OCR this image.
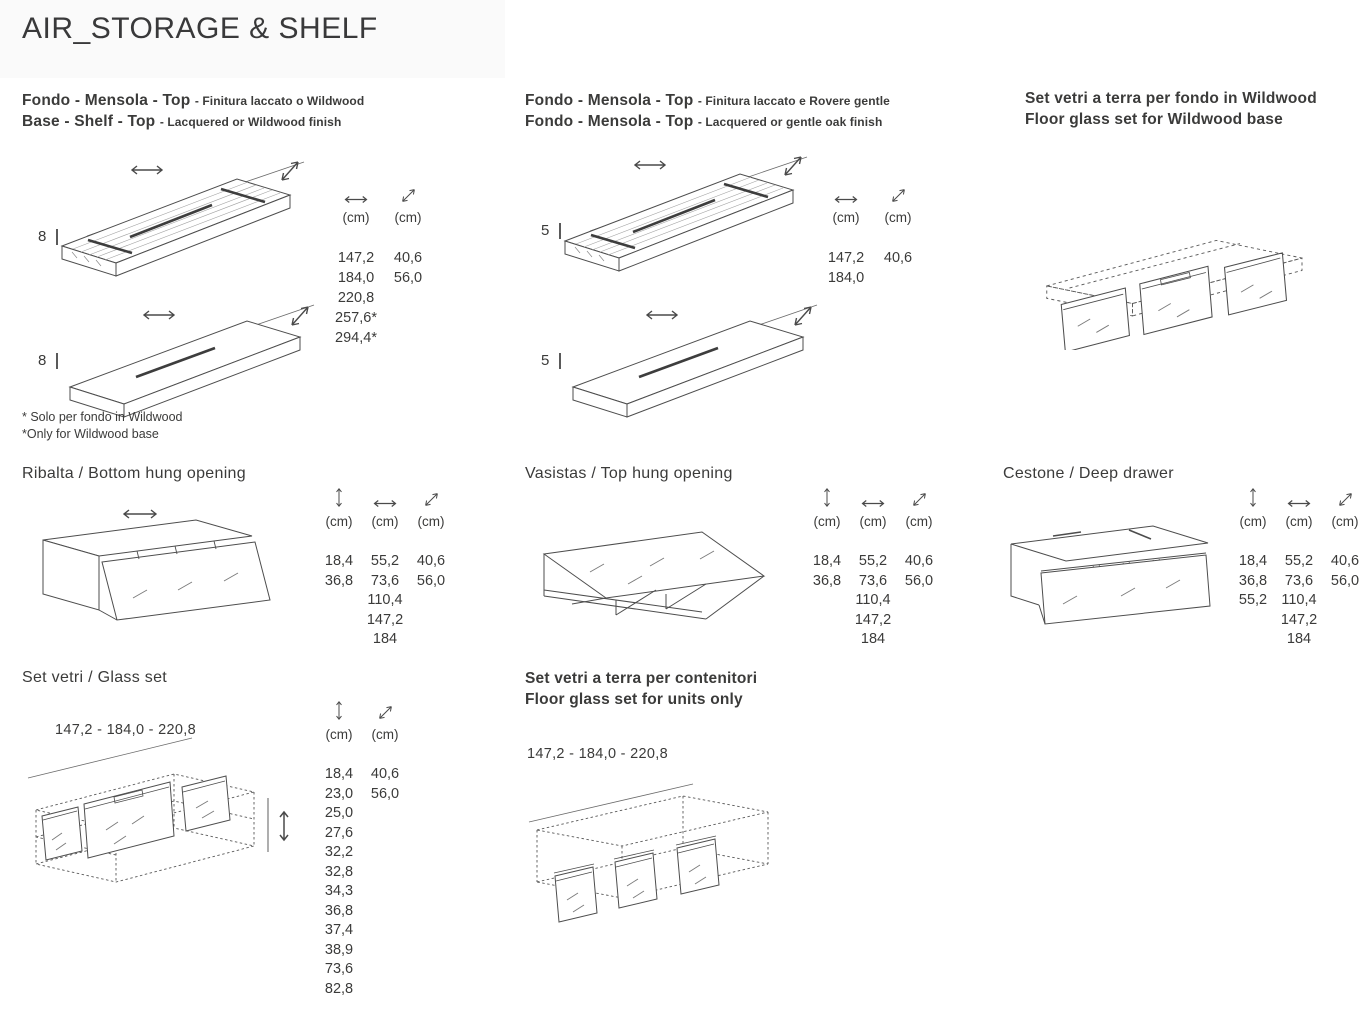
AIR_STORAGE & SHELF
Fondo - Mensola - Top - Finitura laccato o Wildwood
Base - Shelf - Top - Lacquered or Wildwood finish
8
8
(cm)
147,2
184,0
220,8
257,6*
294,4*
(cm)
40,6
56,0
* Solo per fondo in Wildwood
*Only for Wildwood base
Fondo - Mensola - Top - Finitura laccato e Rovere gentle
Fondo - Mensola - Top - Lacquered or gentle oak finish
5
5
(cm)
147,2
184,0
(cm)
40,6
Set vetri a terra per fondo in Wildwood
Floor glass set for Wildwood base
Ribalta / Bottom hung opening
(cm)
18,4
36,8
(cm)
55,2
73,6
110,4
147,2
184
(cm)
40,6
56,0
Vasistas / Top hung opening
(cm)
18,4
36,8
(cm)
55,2
73,6
110,4
147,2
184
(cm)
40,6
56,0
Cestone / Deep drawer
(cm)
18,4
36,8
55,2
(cm)
55,2
73,6
110,4
147,2
184
(cm)
40,6
56,0
Set vetri / Glass set
147,2 - 184,0 - 220,8	(cm)
18,4
23,0
25,0
27,6
32,2
32,8
34,3
36,8
37,4
38,9
73,6
82,8
(cm)
40,6
56,0
Set vetri a terra per contenitori
Floor glass set for units only
147,2 - 184,0 - 220,8
